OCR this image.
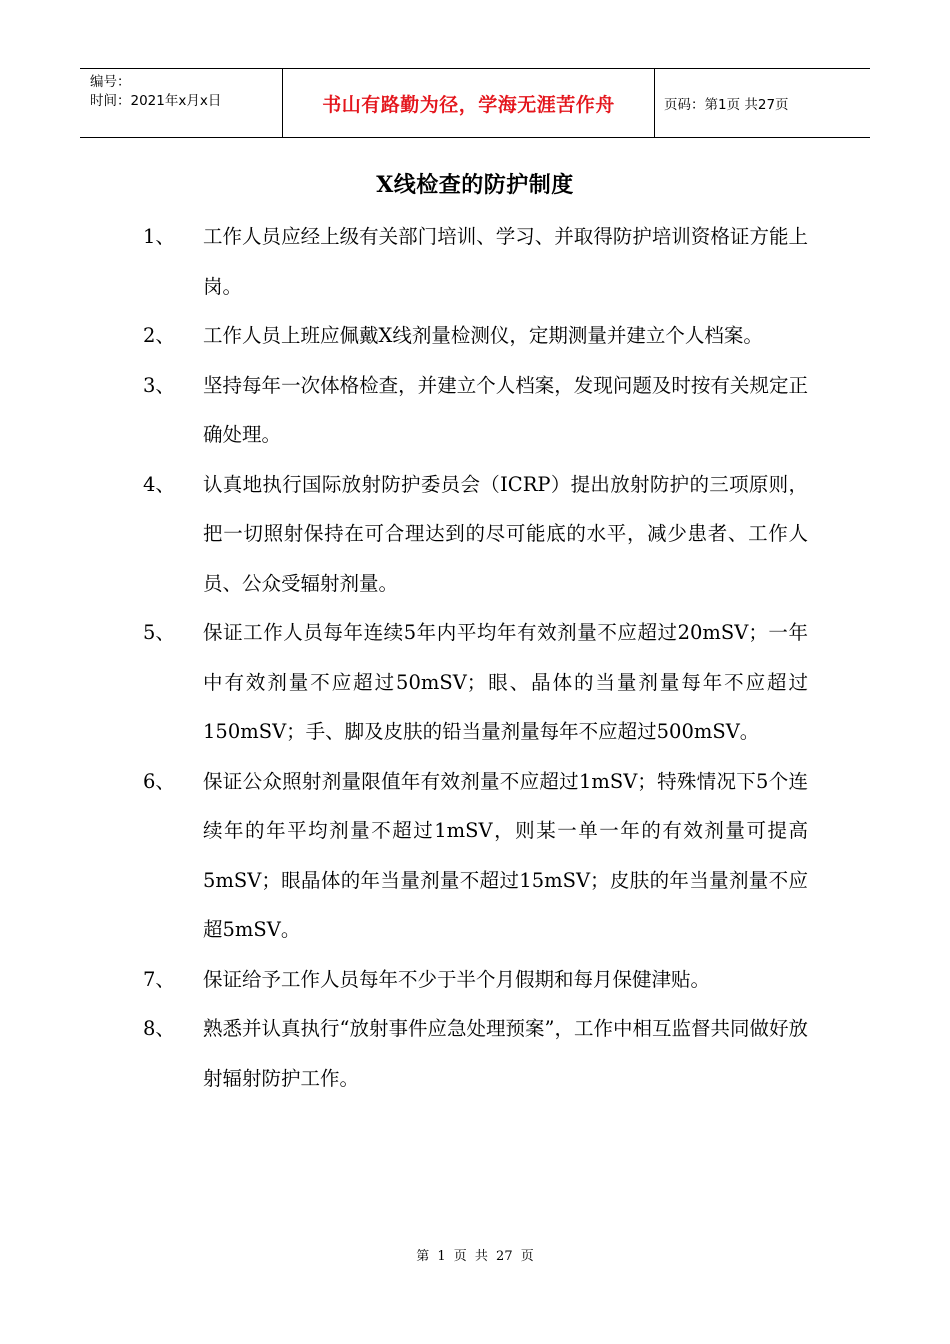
编号：
时间：2021年x月x日	书山有路勤为径，学海无涯苦作舟	页码：第1页 共27页
X线检查的防护制度
1、	工作人员应经上级有关部门培训、学习、并取得防护培训资格证方能上岗。
2、	工作人员上班应佩戴X线剂量检测仪，定期测量并建立个人档案。
3、	坚持每年一次体格检查，并建立个人档案，发现问题及时按有关规定正确处理。
4、	认真地执行国际放射防护委员会（ICRP）提出放射防护的三项原则，把一切照射保持在可合理达到的尽可能底的水平，减少患者、工作人员、公众受辐射剂量。
5、	保证工作人员每年连续5年内平均年有效剂量不应超过20mSV；一年中有效剂量不应超过50mSV；眼、晶体的当量剂量每年不应超过150mSV；手、脚及皮肤的铅当量剂量每年不应超过500mSV。
6、	保证公众照射剂量限值年有效剂量不应超过1mSV；特殊情况下5个连续年的年平均剂量不超过1mSV，则某一单一年的有效剂量可提高5mSV；眼晶体的年当量剂量不超过15mSV；皮肤的年当量剂量不应超5mSV。
7、	保证给予工作人员每年不少于半个月假期和每月保健津贴。
8、	熟悉并认真执行“放射事件应急处理预案”，工作中相互监督共同做好放射辐射防护工作。
第 1 页 共 27 页
